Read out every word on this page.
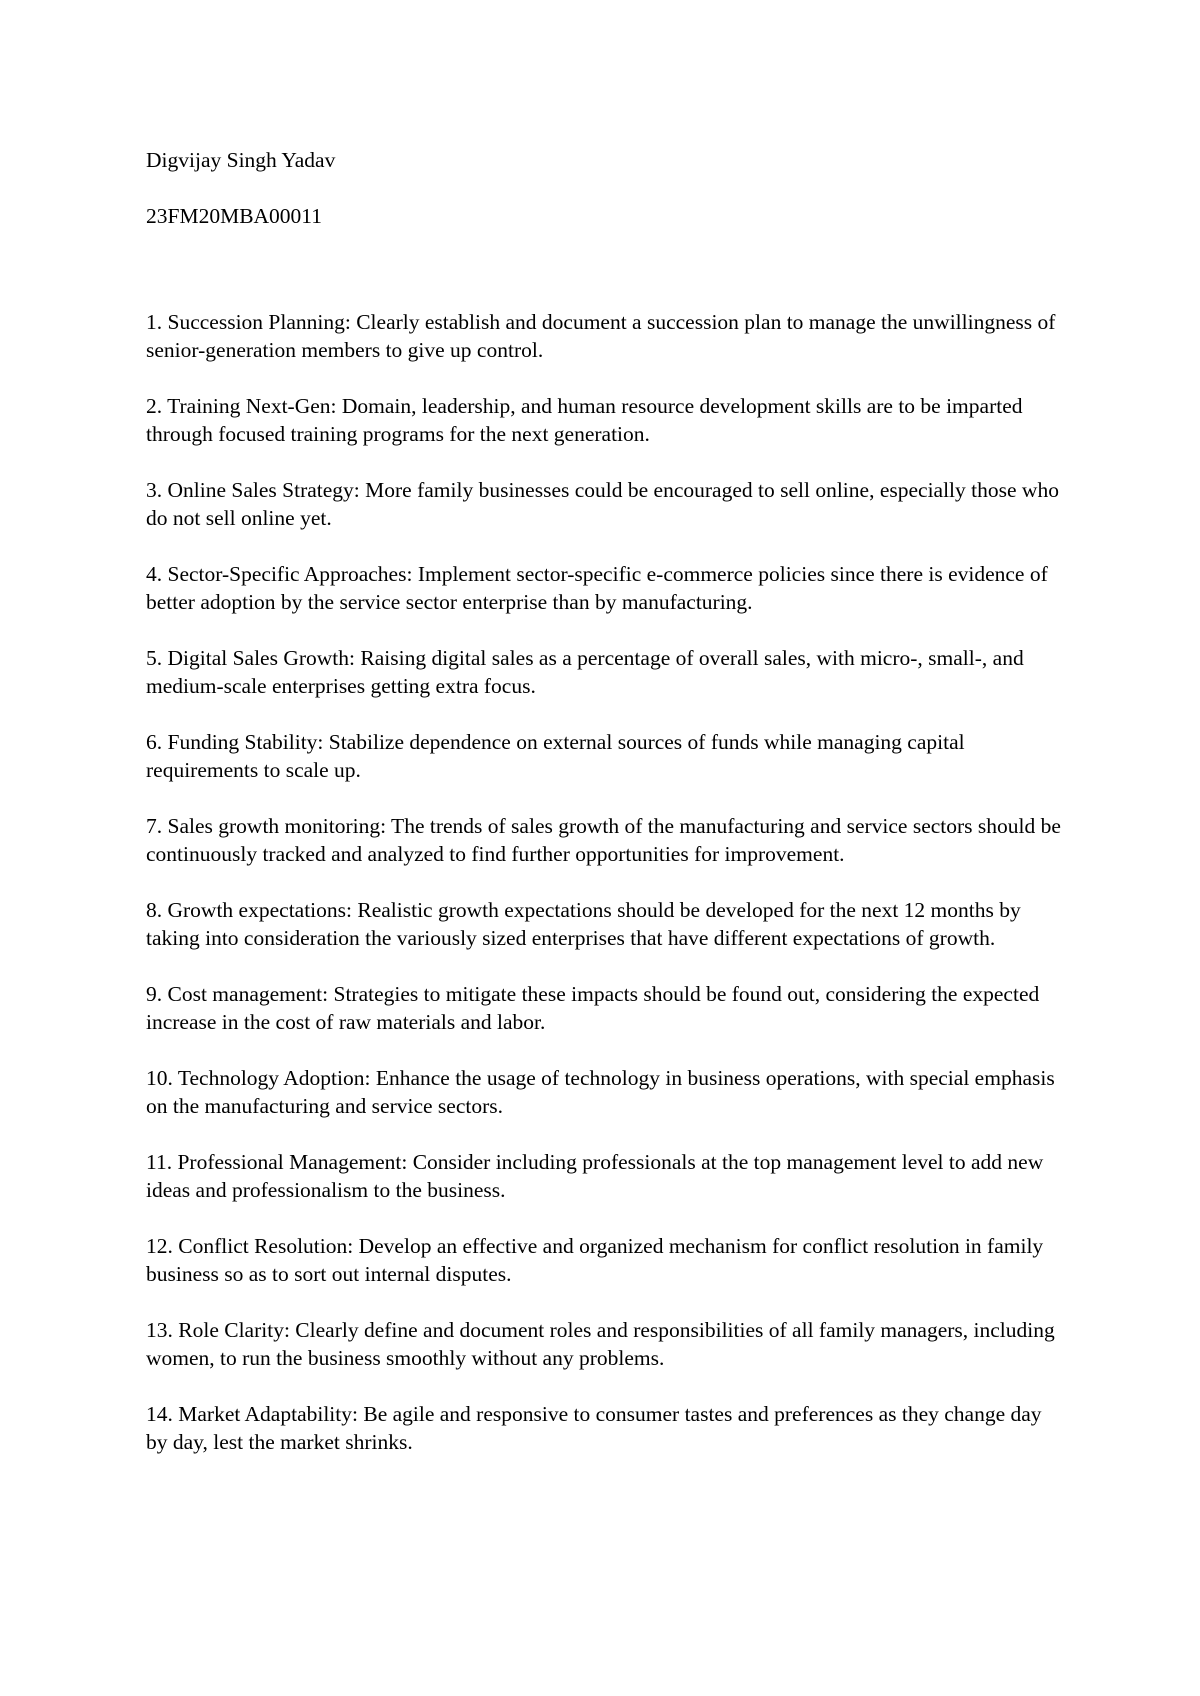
Digvijay Singh Yadav

23FM20MBA00011

1. Succession Planning: Clearly establish and document a succession plan to manage the unwillingness of senior-generation members to give up control.
2. Training Next-Gen: Domain, leadership, and human resource development skills are to be imparted through focused training programs for the next generation.
3. Online Sales Strategy: More family businesses could be encouraged to sell online, especially those who do not sell online yet.
4. Sector-Specific Approaches: Implement sector-specific e-commerce policies since there is evidence of better adoption by the service sector enterprise than by manufacturing.
5. Digital Sales Growth: Raising digital sales as a percentage of overall sales, with micro-, small-, and medium-scale enterprises getting extra focus.
6. Funding Stability: Stabilize dependence on external sources of funds while managing capital requirements to scale up.
7. Sales growth monitoring: The trends of sales growth of the manufacturing and service sectors should be continuously tracked and analyzed to find further opportunities for improvement.
8. Growth expectations: Realistic growth expectations should be developed for the next 12 months by taking into consideration the variously sized enterprises that have different expectations of growth.
9. Cost management: Strategies to mitigate these impacts should be found out, considering the expected increase in the cost of raw materials and labor.
10. Technology Adoption: Enhance the usage of technology in business operations, with special emphasis on the manufacturing and service sectors.
11. Professional Management: Consider including professionals at the top management level to add new ideas and professionalism to the business.
12. Conflict Resolution: Develop an effective and organized mechanism for conflict resolution in family business so as to sort out internal disputes.
13. Role Clarity: Clearly define and document roles and responsibilities of all family managers, including women, to run the business smoothly without any problems.
14. Market Adaptability: Be agile and responsive to consumer tastes and preferences as they change day by day, lest the market shrinks.
